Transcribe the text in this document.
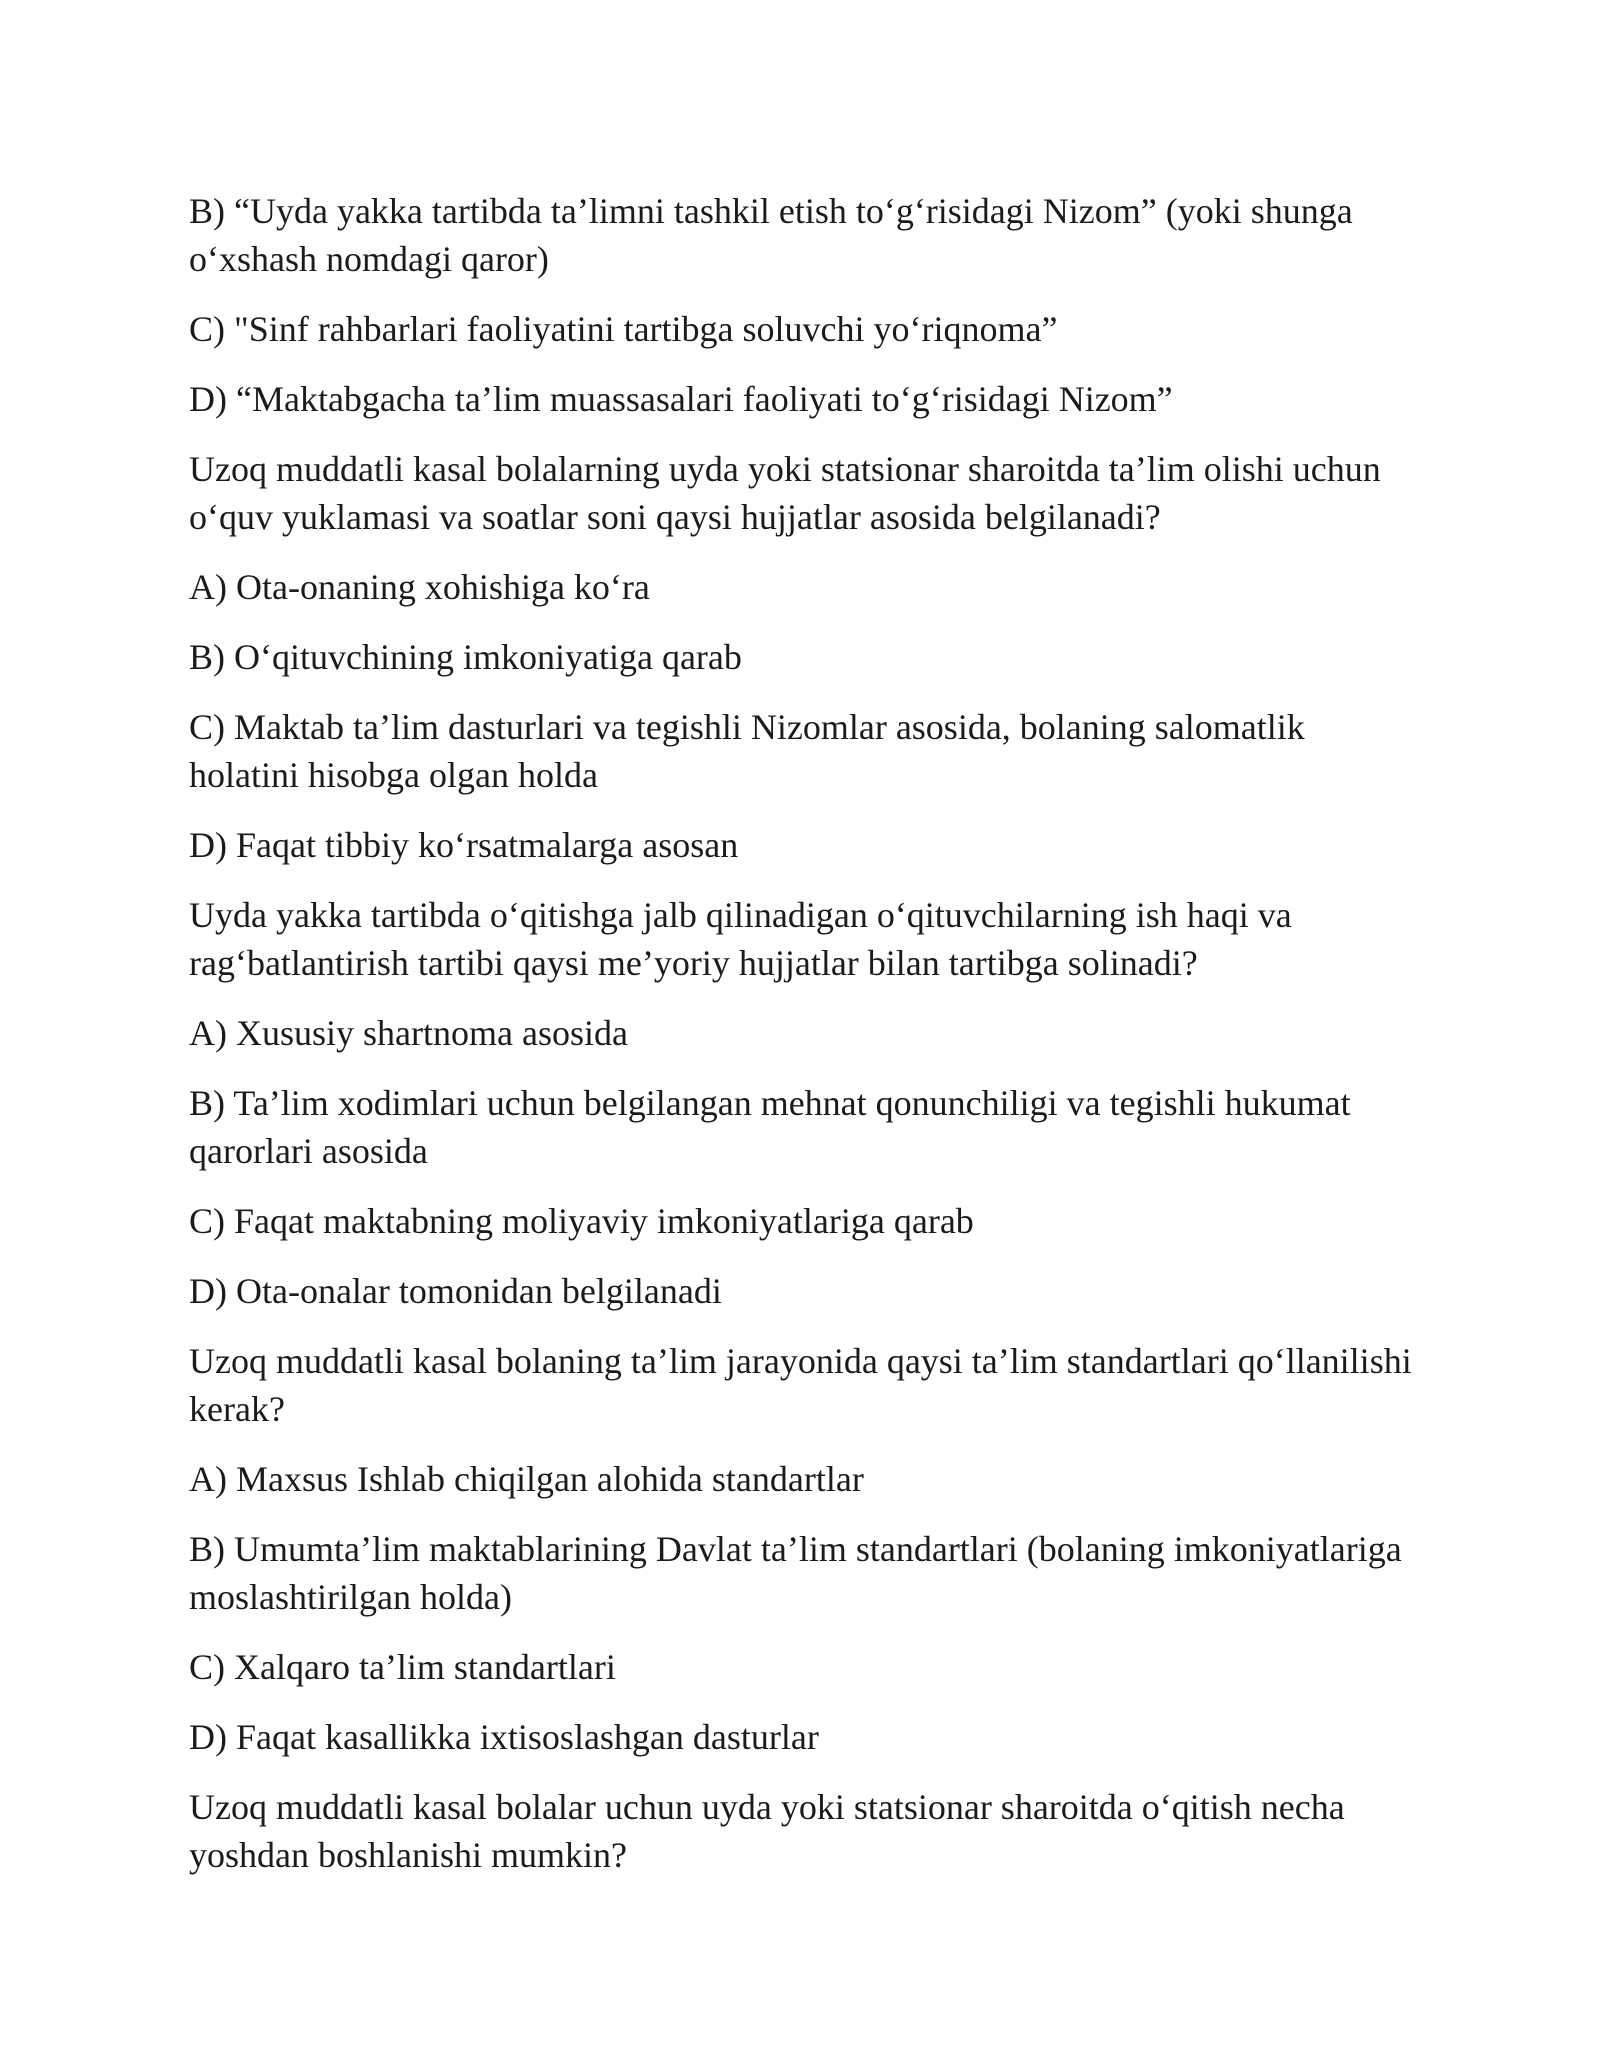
B) “Uyda yakka tartibda ta’limni tashkil etish to‘g‘risidagi Nizom” (yoki shunga o‘xshash nomdagi qaror)

C) "Sinf rahbarlari faoliyatini tartibga soluvchi yo‘riqnoma”

D) “Maktabgacha ta’lim muassasalari faoliyati to‘g‘risidagi Nizom”

Uzoq muddatli kasal bolalarning uyda yoki statsionar sharoitda ta’lim olishi uchun o‘quv yuklamasi va soatlar soni qaysi hujjatlar asosida belgilanadi?

A) Ota-onaning xohishiga ko‘ra

B) O‘qituvchining imkoniyatiga qarab

C) Maktab ta’lim dasturlari va tegishli Nizomlar asosida, bolaning salomatlik holatini hisobga olgan holda

D) Faqat tibbiy ko‘rsatmalarga asosan

Uyda yakka tartibda o‘qitishga jalb qilinadigan o‘qituvchilarning ish haqi va rag‘batlantirish tartibi qaysi me’yoriy hujjatlar bilan tartibga solinadi?

A) Xususiy shartnoma asosida

B) Ta’lim xodimlari uchun belgilangan mehnat qonunchiligi va tegishli hukumat qarorlari asosida

C) Faqat maktabning moliyaviy imkoniyatlariga qarab

D) Ota-onalar tomonidan belgilanadi

Uzoq muddatli kasal bolaning ta’lim jarayonida qaysi ta’lim standartlari qo‘llanilishi kerak?

A) Maxsus Ishlab chiqilgan alohida standartlar

B) Umumta’lim maktablarining Davlat ta’lim standartlari (bolaning imkoniyatlariga moslashtirilgan holda)

C) Xalqaro ta’lim standartlari

D) Faqat kasallikka ixtisoslashgan dasturlar

Uzoq muddatli kasal bolalar uchun uyda yoki statsionar sharoitda o‘qitish necha yoshdan boshlanishi mumkin?
